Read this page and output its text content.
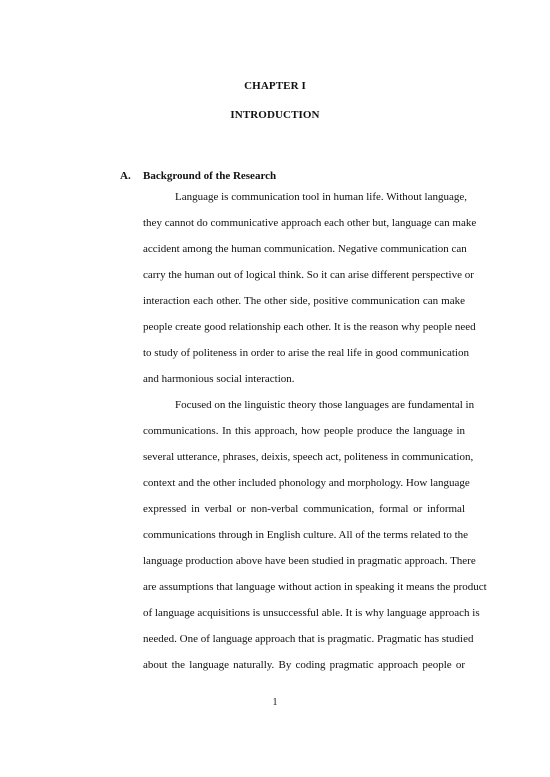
CHAPTER I
INTRODUCTION
A. Background of the Research
Language is communication tool in human life. Without language,
they cannot do communicative approach each other but, language can make
accident among the human communication. Negative communication can
carry the human out of logical think. So it can arise different perspective or
interaction each other. The other side, positive communication can make
people create good relationship each other. It is the reason why people need
to study of politeness in order to arise the real life in good communication
and harmonious social interaction.
Focused on the linguistic theory those languages are fundamental in
communications. In this approach, how people produce the language in
several utterance, phrases, deixis, speech act, politeness in communication,
context and the other included phonology and morphology. How language
expressed in verbal or non-verbal communication, formal or informal
communications through in English culture. All of the terms related to the
language production above have been studied in pragmatic approach. There
are assumptions that language without action in speaking it means the product
of language acquisitions is unsuccessful able. It is why language approach is
needed. One of language approach that is pragmatic. Pragmatic has studied
about the language naturally. By coding pragmatic approach people or
1
